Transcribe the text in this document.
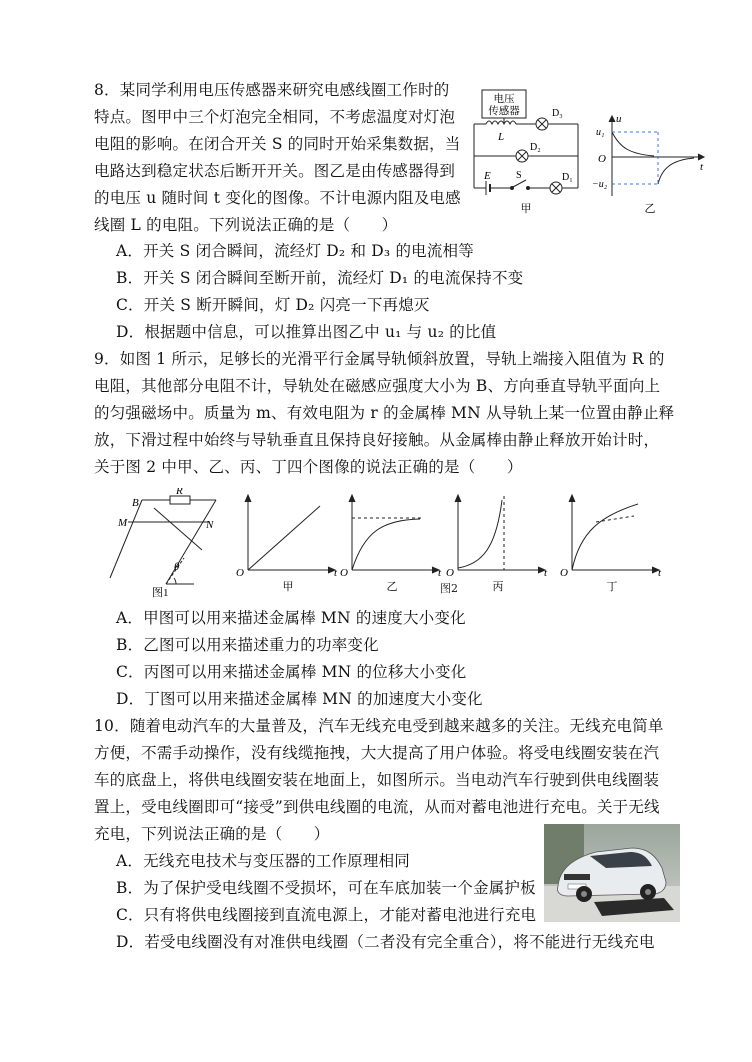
8．某同学利用电压传感器来研究电感线圈工作时的
特点。图甲中三个灯泡完全相同，不考虑温度对灯泡
电阻的影响。在闭合开关 S 的同时开始采集数据，当
电路达到稳定状态后断开开关。图乙是由传感器得到
的电压 u 随时间 t 变化的图像。不计电源内阻及电感
线圈 L 的电阻。下列说法正确的是（　　）
A．开关 S 闭合瞬间，流经灯 D₂ 和 D₃ 的电流相等
B．开关 S 闭合瞬间至断开前，流经灯 D₁ 的电流保持不变
C．开关 S 断开瞬间，灯 D₂ 闪亮一下再熄灭
D．根据题中信息，可以推算出图乙中 u₁ 与 u₂ 的比值
电压
传感器
L
D₃
D₂
E	S	D₁
甲
u
u₁
O
−u₂
t
乙
9．如图 1 所示，足够长的光滑平行金属导轨倾斜放置，导轨上端接入阻值为 R 的
电阻，其他部分电阻不计，导轨处在磁感应强度大小为 B、方向垂直导轨平面向上
的匀强磁场中。质量为 m、有效电阻为 r 的金属棒 MN 从导轨上某一位置由静止释
放，下滑过程中始终与导轨垂直且保持良好接触。从金属棒由静止释放开始计时，
关于图 2 中甲、乙、丙、丁四个图像的说法正确的是（　　）
B
R
M	N
θ
图1
O	t
甲
O	t
乙
O	t
丙
O	t
丁
图2
A．甲图可以用来描述金属棒 MN 的速度大小变化
B．乙图可以用来描述重力的功率变化
C．丙图可以用来描述金属棒 MN 的位移大小变化
D．丁图可以用来描述金属棒 MN 的加速度大小变化
10．随着电动汽车的大量普及，汽车无线充电受到越来越多的关注。无线充电简单
方便，不需手动操作，没有线缆拖拽，大大提高了用户体验。将受电线圈安装在汽
车的底盘上，将供电线圈安装在地面上，如图所示。当电动汽车行驶到供电线圈装
置上，受电线圈即可“接受”到供电线圈的电流，从而对蓄电池进行充电。关于无线
充电，下列说法正确的是（　　）
A．无线充电技术与变压器的工作原理相同
B．为了保护受电线圈不受损坏，可在车底加装一个金属护板
C．只有将供电线圈接到直流电源上，才能对蓄电池进行充电
D．若受电线圈没有对准供电线圈（二者没有完全重合），将不能进行无线充电
